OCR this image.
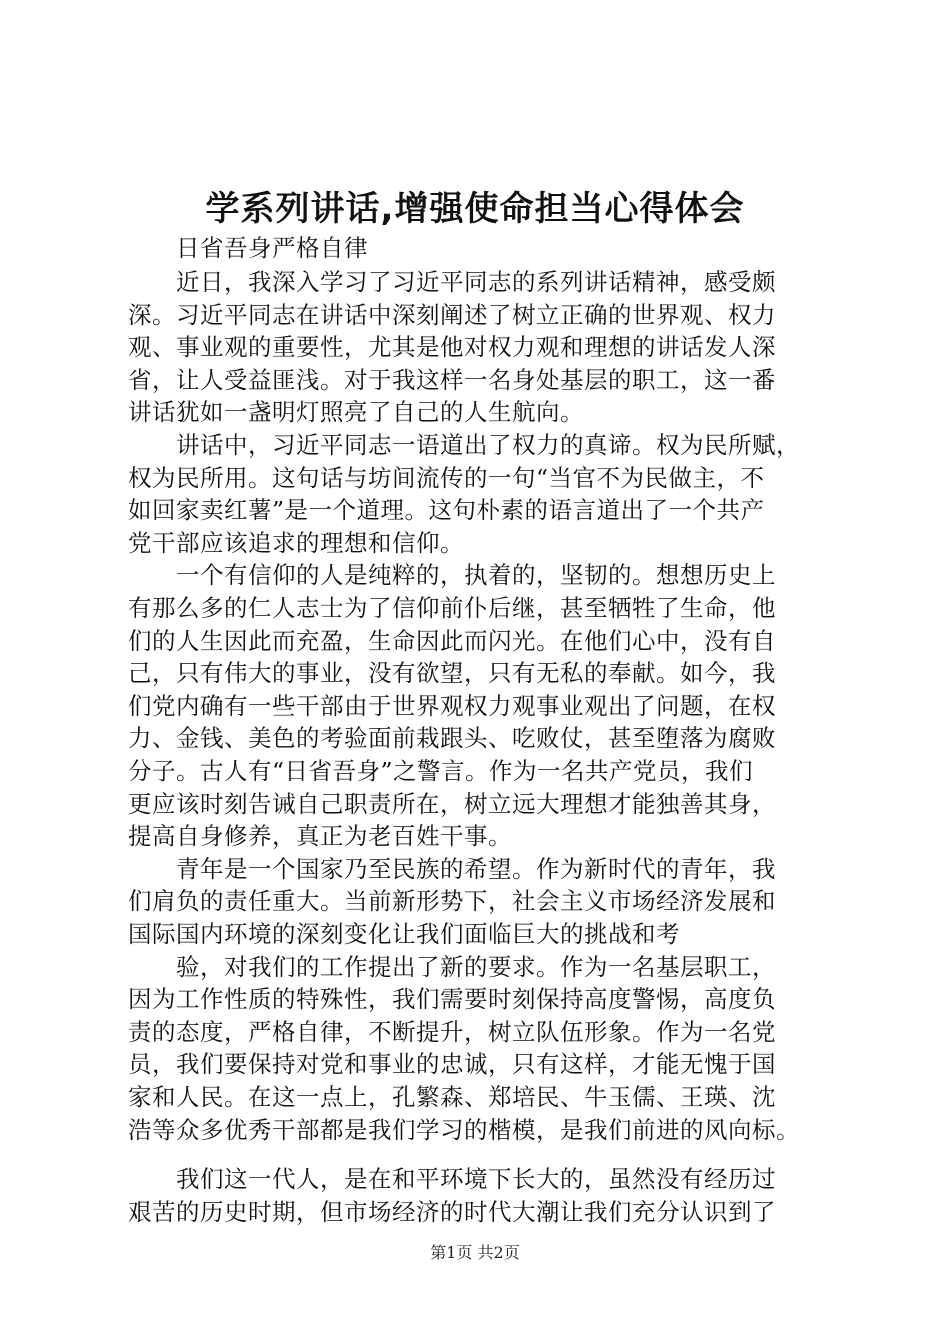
学系列讲话,增强使命担当心得体会
日省吾身严格自律
近日，我深入学习了习近平同志的系列讲话精神，感受颇
深。习近平同志在讲话中深刻阐述了树立正确的世界观、权力
观、事业观的重要性，尤其是他对权力观和理想的讲话发人深
省，让人受益匪浅。对于我这样一名身处基层的职工，这一番
讲话犹如一盏明灯照亮了自己的人生航向。
讲话中，习近平同志一语道出了权力的真谛。权为民所赋，
权为民所用。这句话与坊间流传的一句“当官不为民做主，不
如回家卖红薯”是一个道理。这句朴素的语言道出了一个共产
党干部应该追求的理想和信仰。
一个有信仰的人是纯粹的，执着的，坚韧的。想想历史上
有那么多的仁人志士为了信仰前仆后继，甚至牺牲了生命，他
们的人生因此而充盈，生命因此而闪光。在他们心中，没有自
己，只有伟大的事业，没有欲望，只有无私的奉献。如今，我
们党内确有一些干部由于世界观权力观事业观出了问题，在权
力、金钱、美色的考验面前栽跟头、吃败仗，甚至堕落为腐败
分子。古人有“日省吾身”之警言。作为一名共产党员，我们
更应该时刻告诫自己职责所在，树立远大理想才能独善其身，
提高自身修养，真正为老百姓干事。
青年是一个国家乃至民族的希望。作为新时代的青年，我
们肩负的责任重大。当前新形势下，社会主义市场经济发展和
国际国内环境的深刻变化让我们面临巨大的挑战和考
验，对我们的工作提出了新的要求。作为一名基层职工，
因为工作性质的特殊性，我们需要时刻保持高度警惕，高度负
责的态度，严格自律，不断提升，树立队伍形象。作为一名党
员，我们要保持对党和事业的忠诚，只有这样，才能无愧于国
家和人民。在这一点上，孔繁森、郑培民、牛玉儒、王瑛、沈
浩等众多优秀干部都是我们学习的楷模，是我们前进的风向标。
我们这一代人，是在和平环境下长大的，虽然没有经历过
艰苦的历史时期，但市场经济的时代大潮让我们充分认识到了
第1页 共2页
